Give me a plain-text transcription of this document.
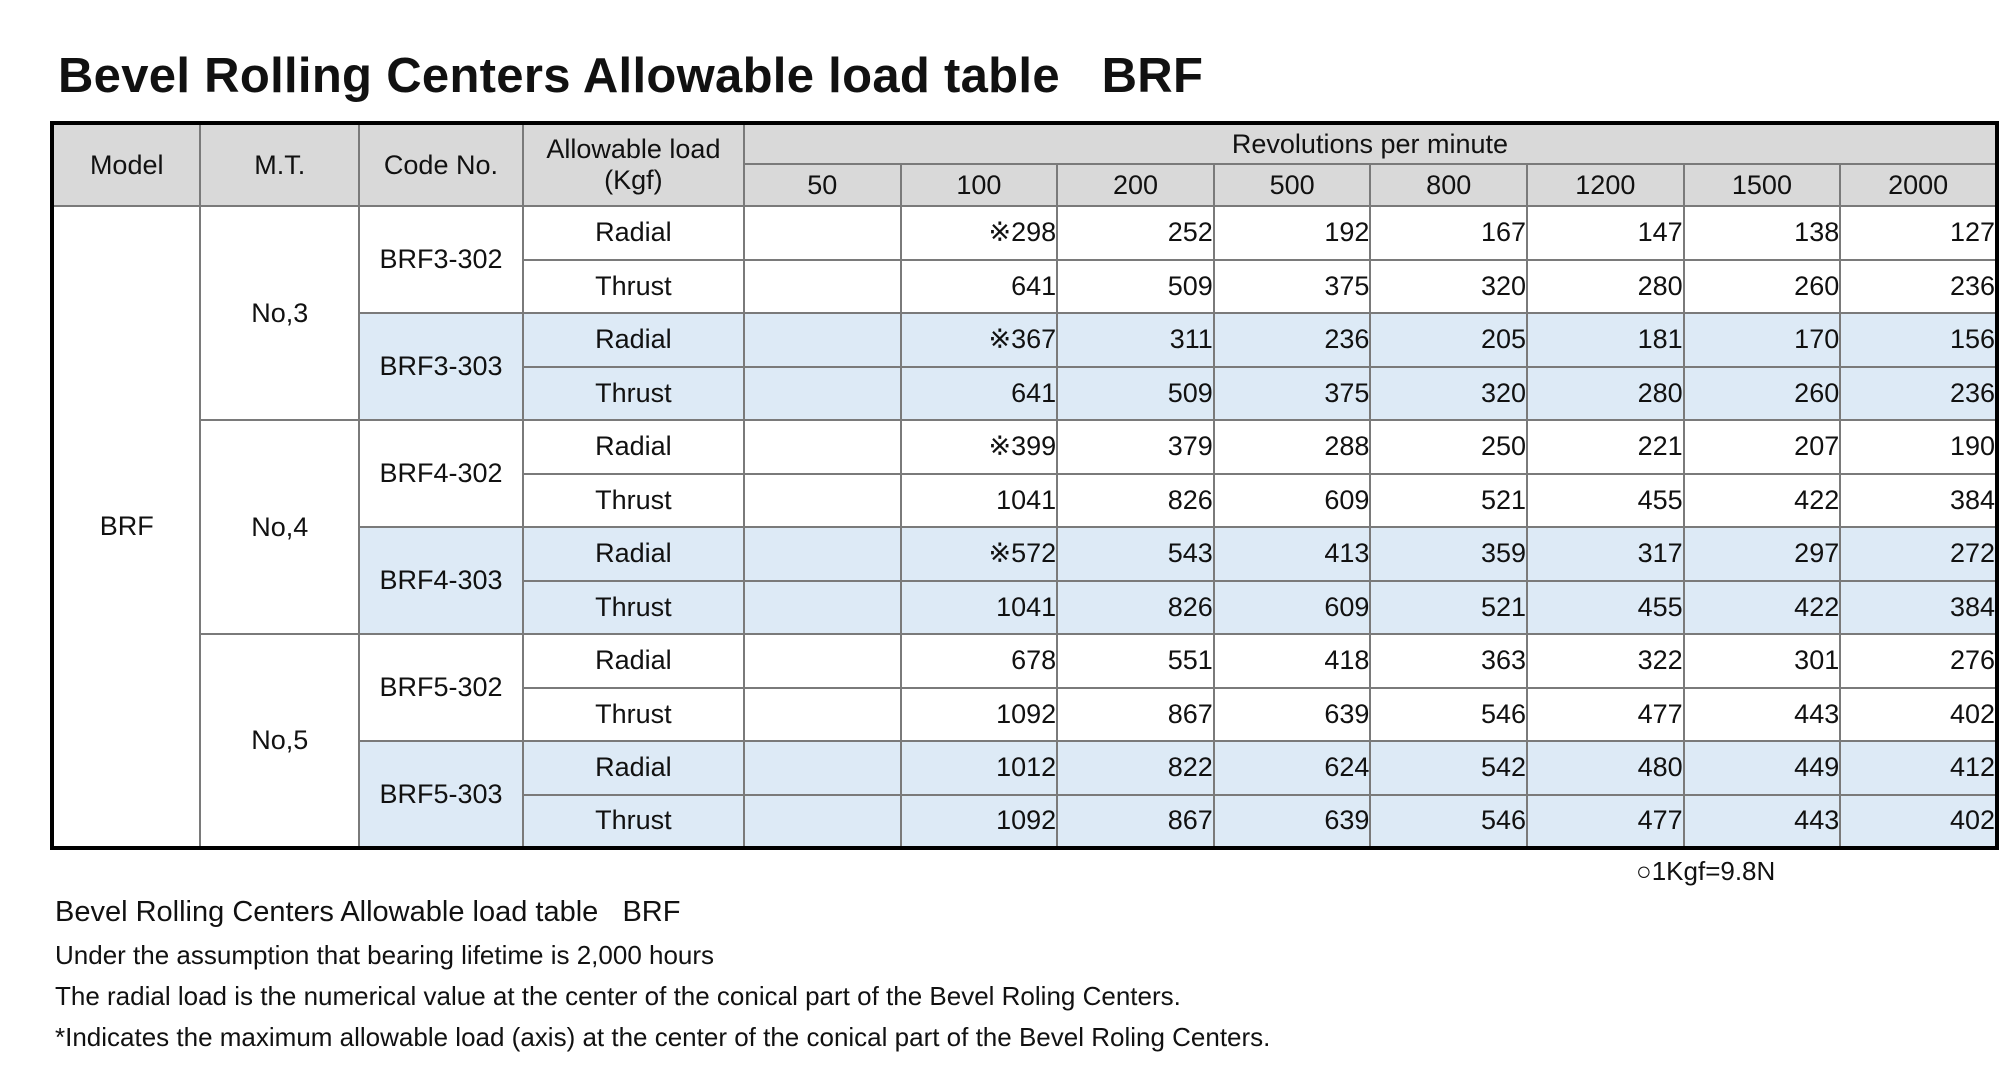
Bevel Rolling Centers Allowable load table   BRF
Model	M.T.	Code No.	Allowable load
(Kgf)	Revolutions per minute							
				50	100	200	500	800	1200	1500	2000
BRF	No,3	BRF3-302	Radial		※298	252	192	167	147	138	127
			Thrust		641	509	375	320	280	260	236
		BRF3-303	Radial		※367	311	236	205	181	170	156
			Thrust		641	509	375	320	280	260	236
	No,4	BRF4-302	Radial		※399	379	288	250	221	207	190
			Thrust		1041	826	609	521	455	422	384
		BRF4-303	Radial		※572	543	413	359	317	297	272
			Thrust		1041	826	609	521	455	422	384
	No,5	BRF5-302	Radial		678	551	418	363	322	301	276
			Thrust		1092	867	639	546	477	443	402
		BRF5-303	Radial		1012	822	624	542	480	449	412
			Thrust		1092	867	639	546	477	443	402
○1Kgf=9.8N
Bevel Rolling Centers Allowable load table   BRF
Under the assumption that bearing lifetime is 2,000 hours
The radial load is the numerical value at the center of the conical part of the Bevel Roling Centers.
*Indicates the maximum allowable load (axis) at the center of the conical part of the Bevel Roling Centers.
